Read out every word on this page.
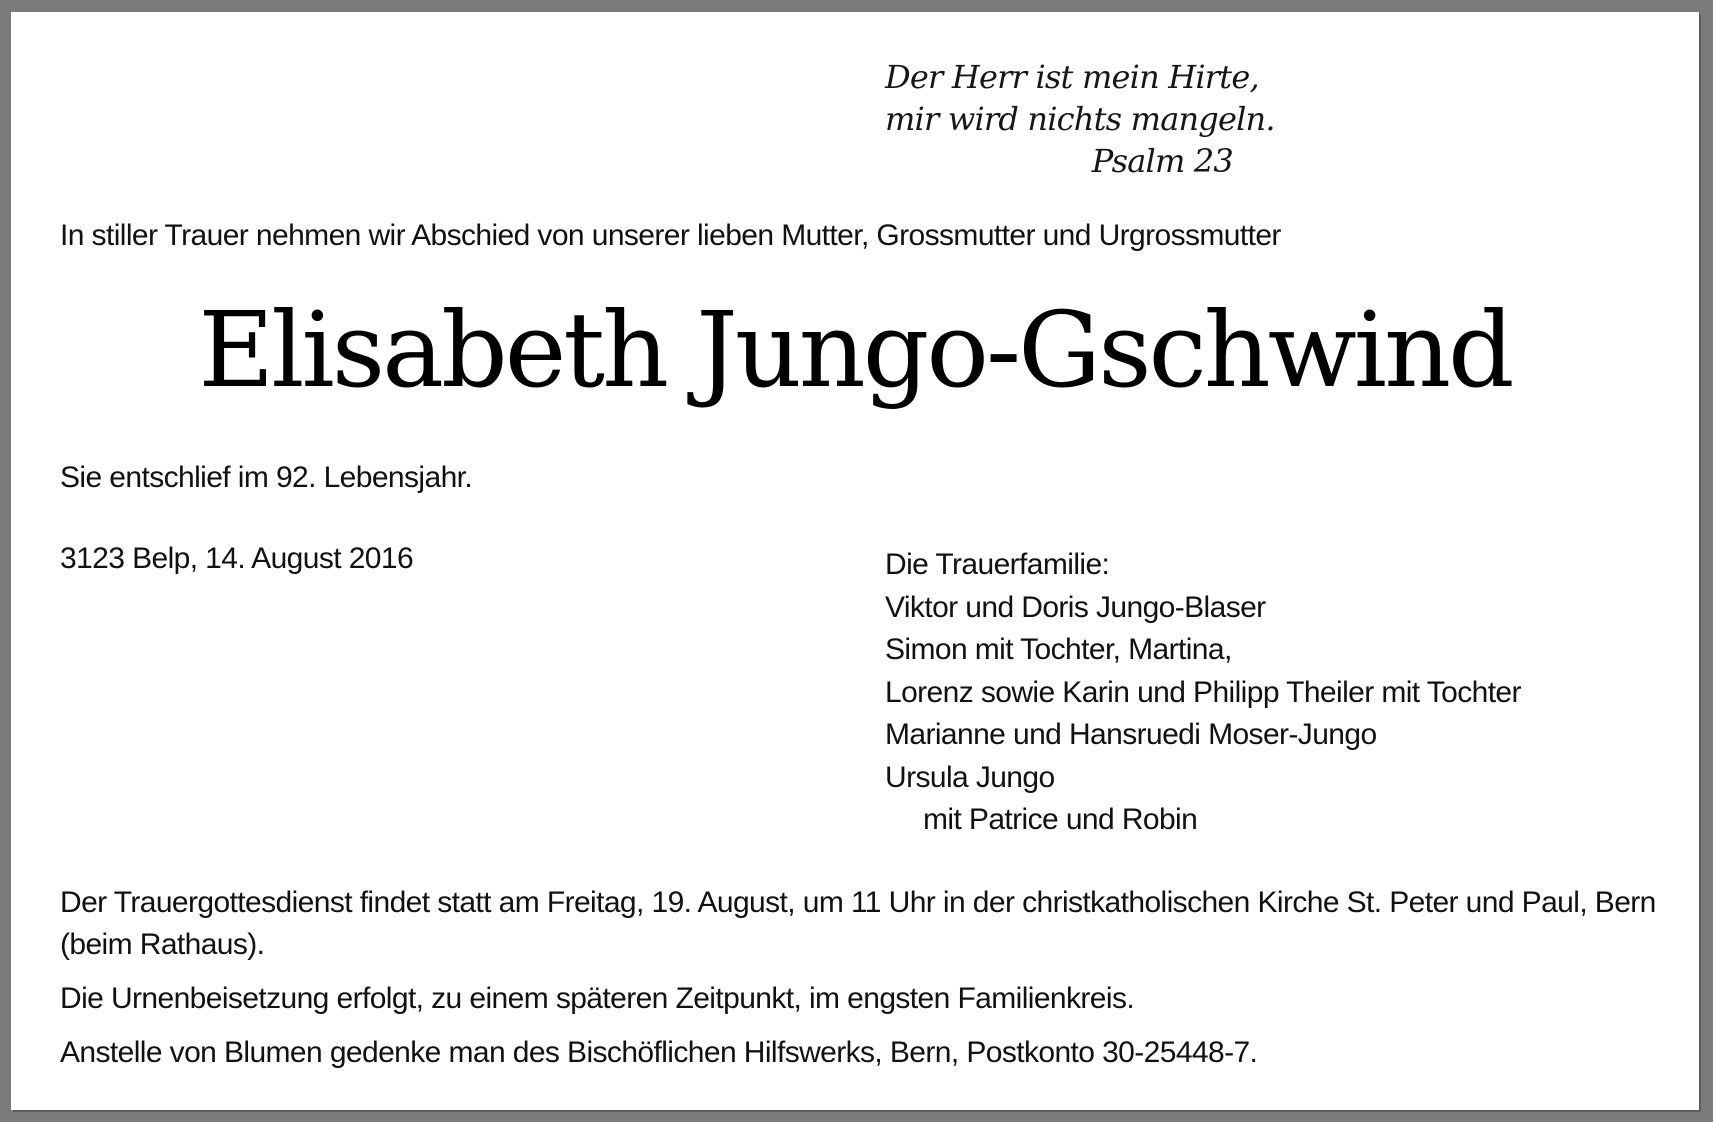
Der Herr ist mein Hirte,
mir wird nichts mangeln.
Psalm 23
In stiller Trauer nehmen wir Abschied von unserer lieben Mutter, Grossmutter und Urgrossmutter
Elisabeth Jungo-Gschwind
Sie entschlief im 92. Lebensjahr.
3123 Belp, 14. August 2016	Die Trauerfamilie:
Viktor und Doris Jungo-Blaser
Simon mit Tochter, Martina,
Lorenz sowie Karin und Philipp Theiler mit Tochter
Marianne und Hansruedi Moser-Jungo
Ursula Jungo
mit Patrice und Robin

Der Trauergottesdienst findet statt am Freitag, 19. August, um 11 Uhr in der christkatholischen Kirche St. Peter und Paul, Bern (beim Rathaus).

Die Urnenbeisetzung erfolgt, zu einem späteren Zeitpunkt, im engsten Familienkreis.

Anstelle von Blumen gedenke man des Bischöflichen Hilfswerks, Bern, Postkonto 30-25448-7.
